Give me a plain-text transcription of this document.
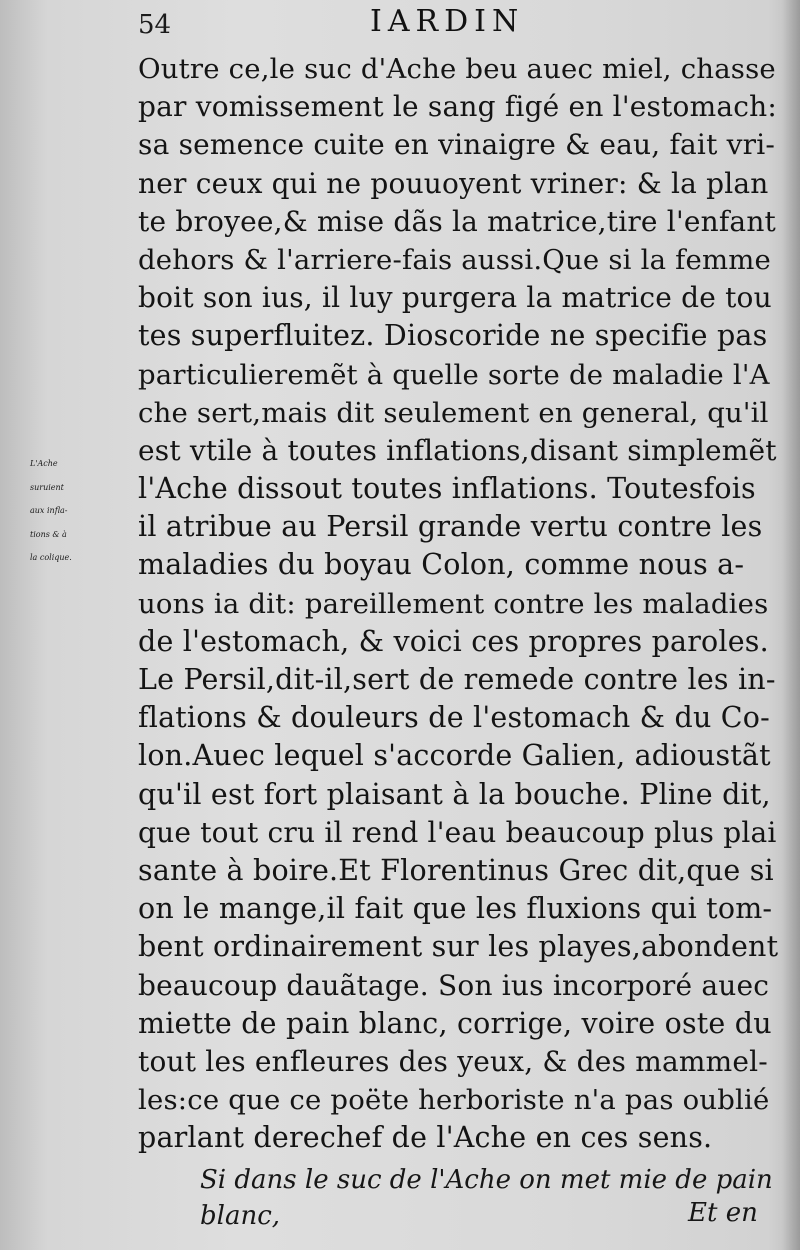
54	IARDIN
L'Ache
suruient
aux infla-
tions & à
la colique.
Outre ce,le suc d'Ache beu auec miel, chasse
par vomissement le sang figé en l'estomach:
sa semence cuite en vinaigre & eau, fait vri-
ner ceux qui ne pouuoyent vriner: & la plan
te broyee,& mise dãs la matrice,tire l'enfant
dehors & l'arriere-fais aussi.Que si la femme
boit son ius, il luy purgera la matrice de tou
tes superfluitez. Dioscoride ne specifie pas
particulieremẽt à quelle sorte de maladie l'A
che sert,mais dit seulement en general, qu'il
est vtile à toutes inflations,disant simplemẽt
l'Ache dissout toutes inflations. Toutesfois
il atribue au Persil grande vertu contre les
maladies du boyau Colon, comme nous a-
uons ia dit: pareillement contre les maladies
de l'estomach, & voici ces propres paroles.
Le Persil,dit-il,sert de remede contre les in-
flations & douleurs de l'estomach & du Co-
lon.Auec lequel s'accorde Galien, adioustãt
qu'il est fort plaisant à la bouche. Pline dit,
que tout cru il rend l'eau beaucoup plus plai
sante à boire.Et Florentinus Grec dit,que si
on le mange,il fait que les fluxions qui tom-
bent ordinairement sur les playes,abondent
beaucoup dauãtage. Son ius incorporé auec
miette de pain blanc, corrige, voire oste du
tout les enfleures des yeux, & des mammel-
les:ce que ce poëte herboriste n'a pas oublié
parlant derechef de l'Ache en ces sens.
Si dans le suc de l'Ache on met mie de pain
blanc,	Et en
